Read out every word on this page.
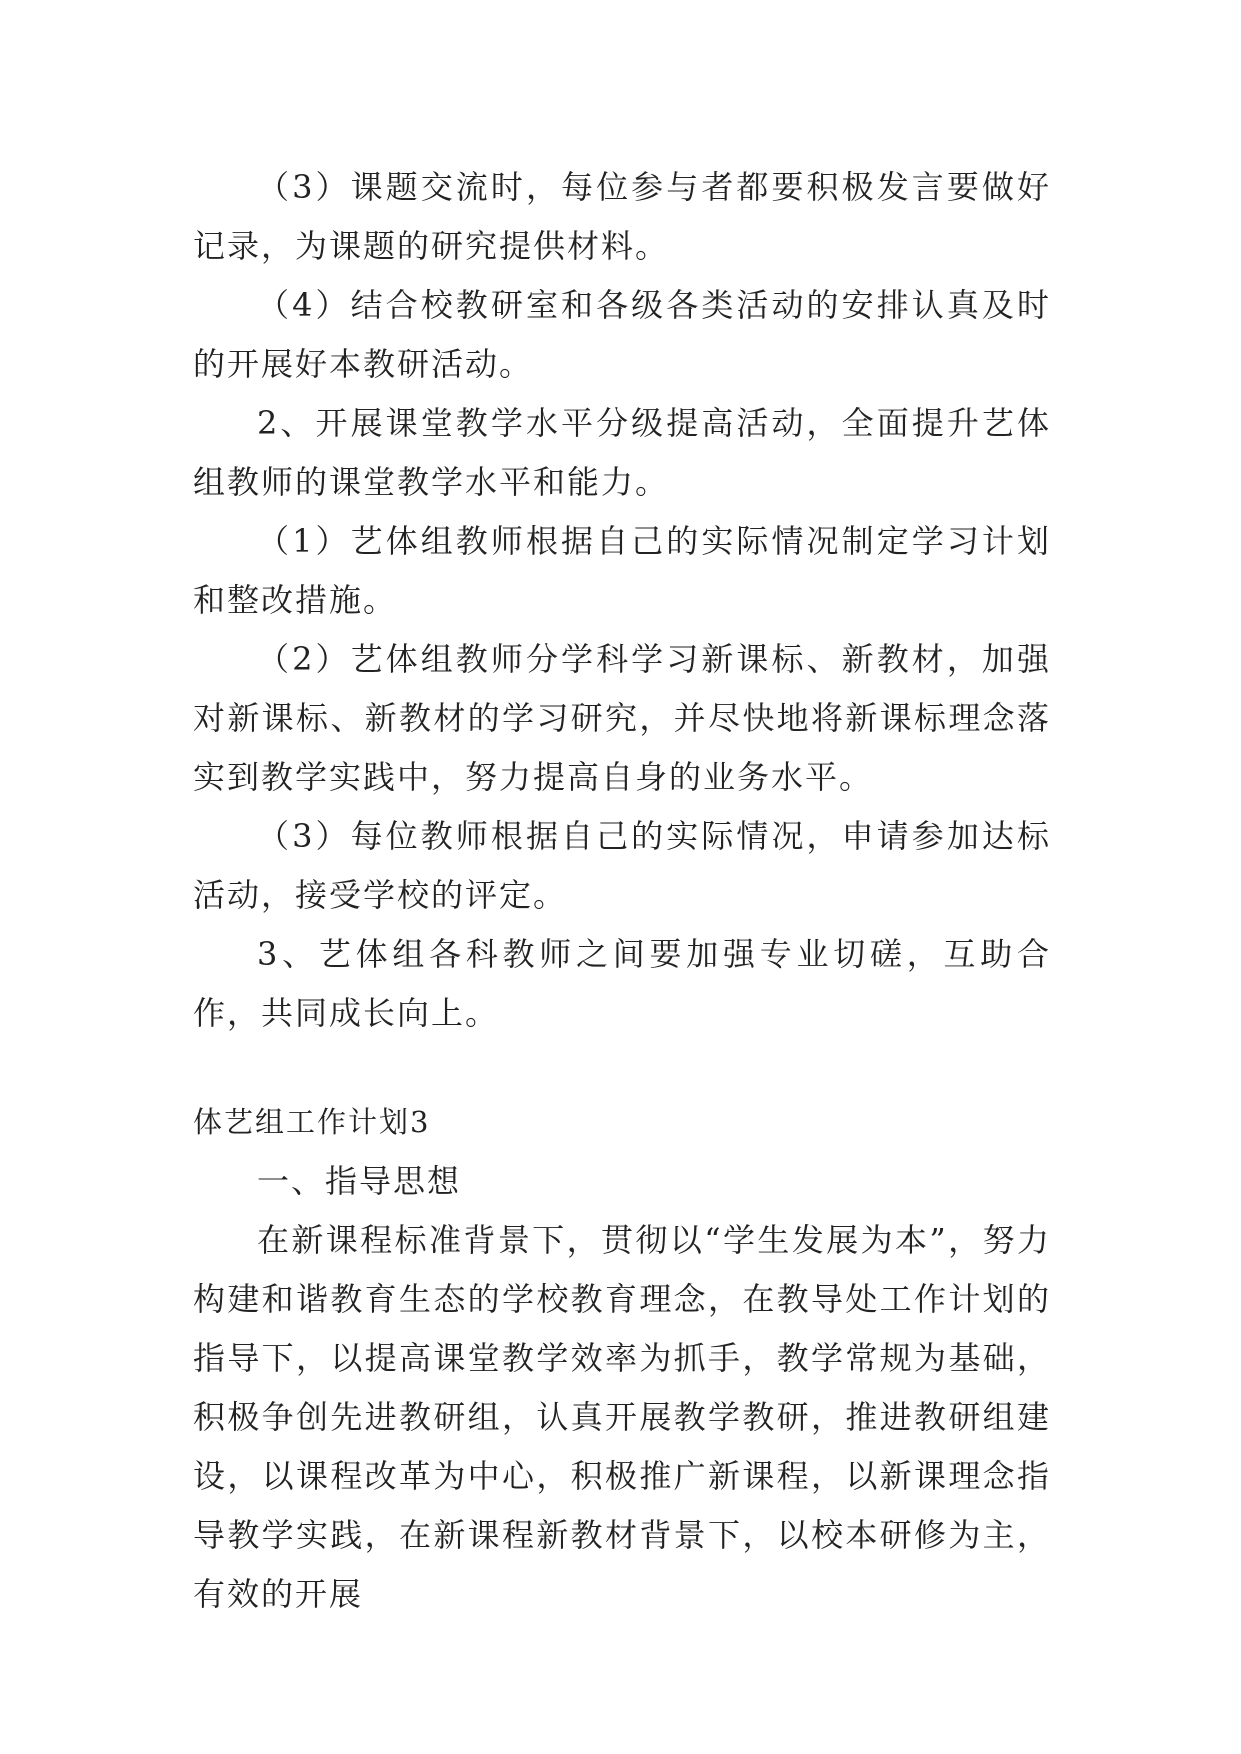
（3）课题交流时，每位参与者都要积极发言要做好记录，为课题的研究提供材料。

（4）结合校教研室和各级各类活动的安排认真及时的开展好本教研活动。

2、开展课堂教学水平分级提高活动，全面提升艺体组教师的课堂教学水平和能力。

（1）艺体组教师根据自己的实际情况制定学习计划和整改措施。

（2）艺体组教师分学科学习新课标、新教材，加强对新课标、新教材的学习研究，并尽快地将新课标理念落实到教学实践中，努力提高自身的业务水平。

（3）每位教师根据自己的实际情况，申请参加达标活动，接受学校的评定。

3、艺体组各科教师之间要加强专业切磋，互助合作，共同成长向上。

体艺组工作计划3

一、指导思想

在新课程标准背景下，贯彻以“学生发展为本”，努力构建和谐教育生态的学校教育理念，在教导处工作计划的指导下，以提高课堂教学效率为抓手，教学常规为基础，积极争创先进教研组，认真开展教学教研，推进教研组建设，以课程改革为中心，积极推广新课程，以新课理念指导教学实践，在新课程新教材背景下，以校本研修为主，有效的开展
